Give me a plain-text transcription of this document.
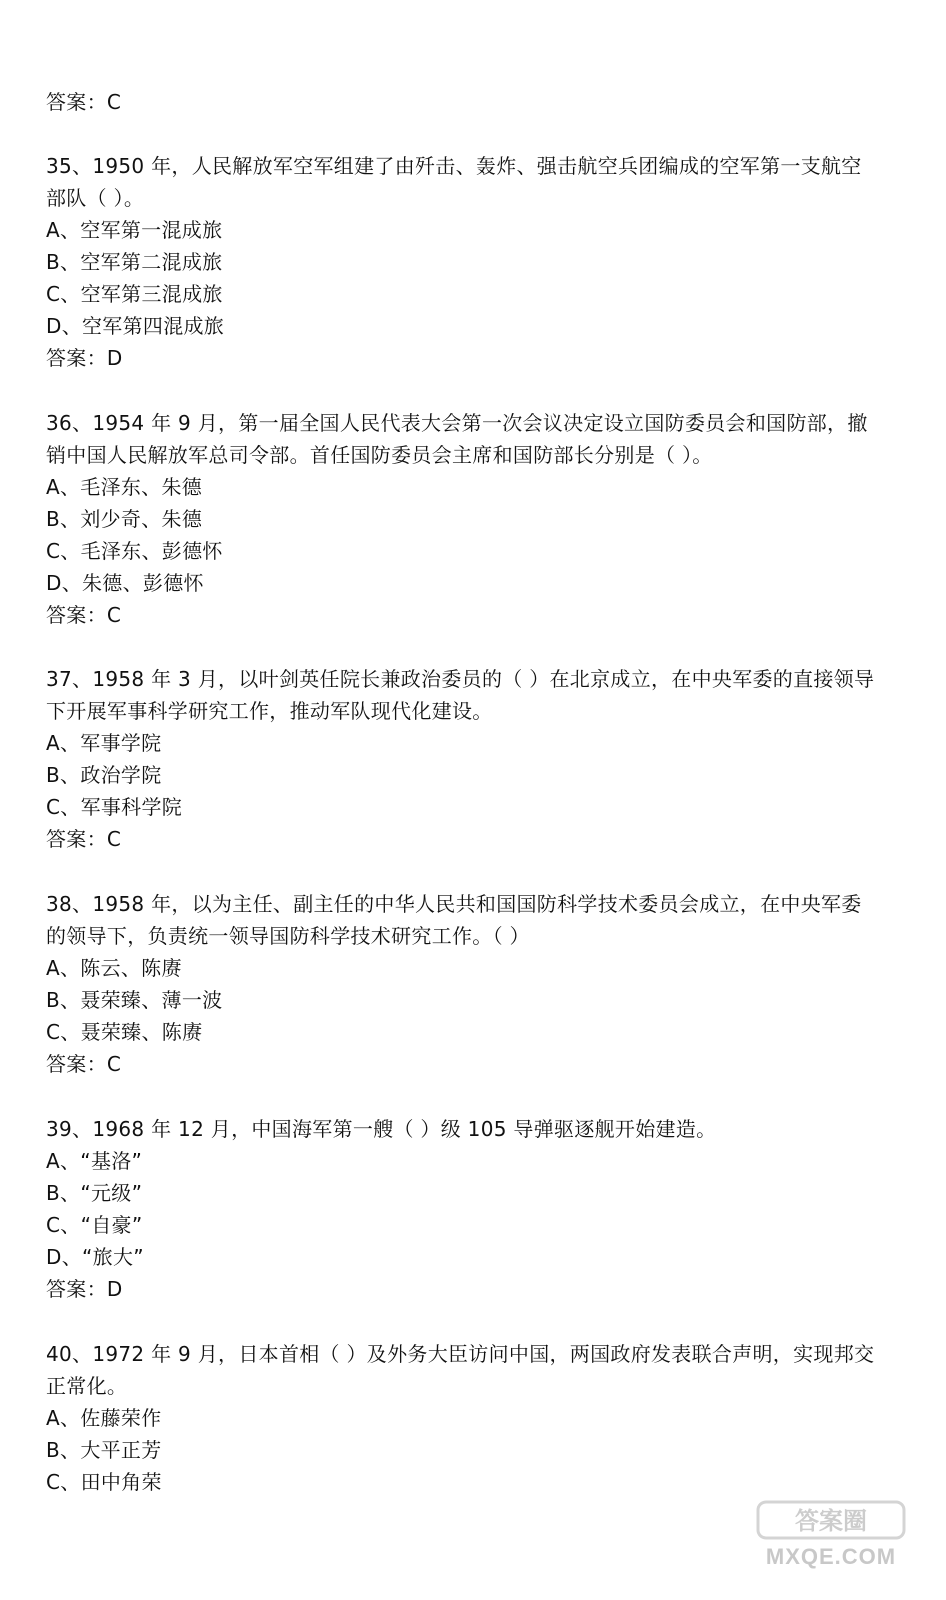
答案：C
35、1950 年，人民解放军空军组建了由歼击、轰炸、强击航空兵团编成的空军第一支航空
部队（ ）。
A、空军第一混成旅
B、空军第二混成旅
C、空军第三混成旅
D、空军第四混成旅
答案：D
36、1954 年 9 月，第一届全国人民代表大会第一次会议决定设立国防委员会和国防部，撤
销中国人民解放军总司令部。首任国防委员会主席和国防部长分别是（ ）。
A、毛泽东、朱德
B、刘少奇、朱德
C、毛泽东、彭德怀
D、朱德、彭德怀
答案：C
37、1958 年 3 月，以叶剑英任院长兼政治委员的（ ）在北京成立，在中央军委的直接领导
下开展军事科学研究工作，推动军队现代化建设。
A、军事学院
B、政治学院
C、军事科学院
答案：C
38、1958 年，以为主任、副主任的中华人民共和国国防科学技术委员会成立，在中央军委
的领导下，负责统一领导国防科学技术研究工作。（ ）
A、陈云、陈赓
B、聂荣臻、薄一波
C、聂荣臻、陈赓
答案：C
39、1968 年 12 月，中国海军第一艘（ ）级 105 导弹驱逐舰开始建造。
A、“基洛”
B、“元级”
C、“自豪”
D、“旅大”
答案：D
40、1972 年 9 月，日本首相（ ）及外务大臣访问中国，两国政府发表联合声明，实现邦交
正常化。
A、佐藤荣作
B、大平正芳
C、田中角荣
答案圈
MXQE.COM
